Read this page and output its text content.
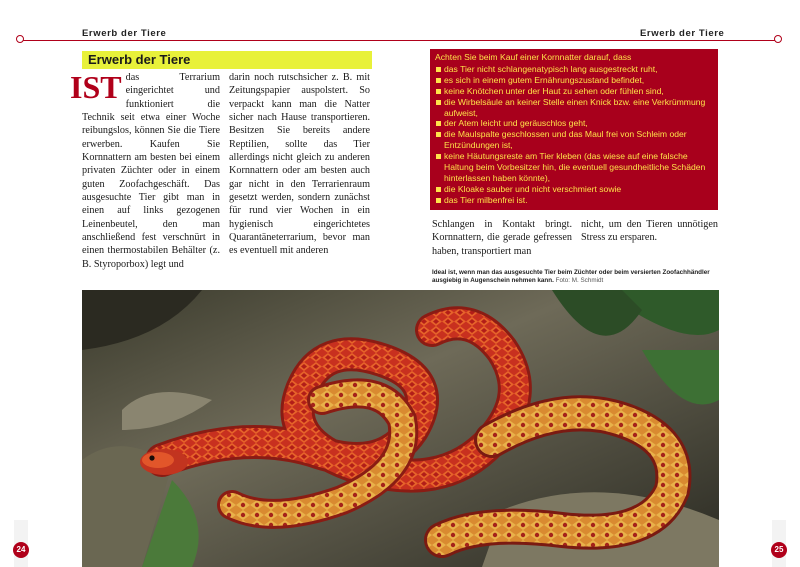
Erwerb der Tiere	Erwerb der Tiere
Erwerb der Tiere
IST das Terrarium eingerichtet und funktioniert die Technik seit etwa einer Woche reibungslos, können Sie die Tiere erwerben. Kaufen Sie Kornnattern am besten bei einem privaten Züchter oder in einem guten Zoofachgeschäft. Das ausgesuchte Tier gibt man in einen auf links gezogenen Leinenbeutel, den man anschließend fest verschnürt in einen thermostabilen Behälter (z. B. Styroporbox) legt und
darin noch rutschsicher z. B. mit Zeitungspapier auspolstert. So verpackt kann man die Natter sicher nach Hause transportieren. Besitzen Sie bereits andere Reptilien, sollte das Tier allerdings nicht gleich zu anderen Kornnattern oder am besten auch gar nicht in den Terrarienraum gesetzt werden, sondern zunächst für rund vier Wochen in ein hygienisch eingerichtetes Quarantäneterrarium, bevor man es eventuell mit anderen
Achten Sie beim Kauf einer Kornnatter darauf, dass
das Tier nicht schlangenatypisch lang ausgestreckt ruht,
es sich in einem gutem Ernährungszustand befindet,
keine Knötchen unter der Haut zu sehen oder fühlen sind,
die Wirbelsäule an keiner Stelle einen Knick bzw. eine Verkrümmung aufweist,
der Atem leicht und geräuschlos geht,
die Maulspalte geschlossen und das Maul frei von Schleim oder Entzündungen ist,
keine Häutungsreste am Tier kleben (das wiese auf eine falsche Haltung beim Vorbesitzer hin, die eventuell gesundheitliche Schäden hinterlassen haben könnte),
die Kloake sauber und nicht verschmiert sowie
das Tier milbenfrei ist.
Schlangen in Kontakt bringt. Kornnattern, die gerade gefressen haben, transportiert man
nicht, um den Tieren unnötigen Stress zu ersparen.
Ideal ist, wenn man das ausgesuchte Tier beim Züchter oder beim versierten Zoofachhändler ausgiebig in Augenschein nehmen kann. Foto: M. Schmidt
24	25
